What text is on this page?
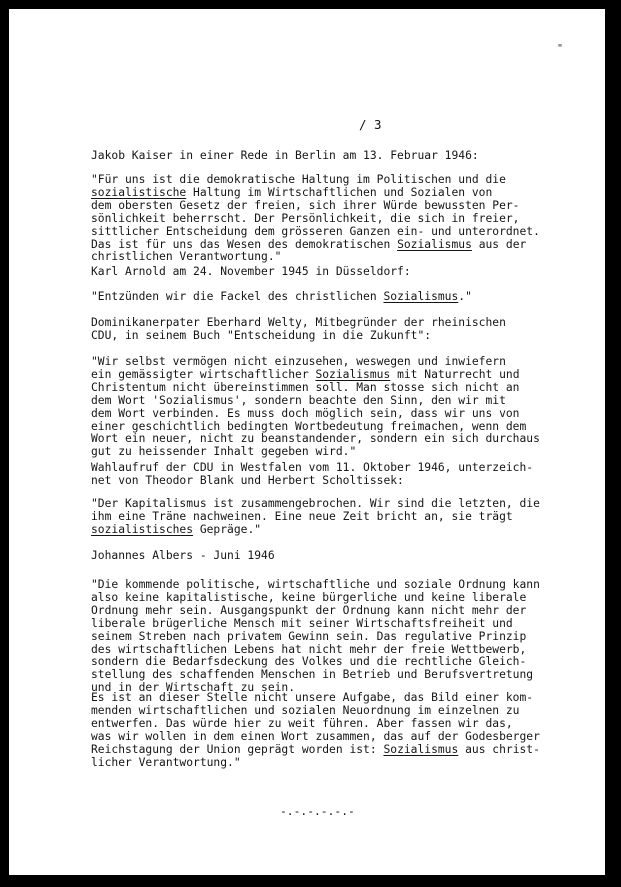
"
/ 3
Jakob Kaiser in einer Rede in Berlin am 13. Februar 1946:
"Für uns ist die demokratische Haltung im Politischen und die
sozialistische Haltung im Wirtschaftlichen und Sozialen von
dem obersten Gesetz der freien, sich ihrer Würde bewussten Per-
sönlichkeit beherrscht. Der Persönlichkeit, die sich in freier,
sittlicher Entscheidung dem grösseren Ganzen ein- und unterordnet.
Das ist für uns das Wesen des demokratischen Sozialismus aus der
christlichen Verantwortung."
Karl Arnold am 24. November 1945 in Düsseldorf:
"Entzünden wir die Fackel des christlichen Sozialismus."
Dominikanerpater Eberhard Welty, Mitbegründer der rheinischen
CDU, in seinem Buch "Entscheidung in die Zukunft":
"Wir selbst vermögen nicht einzusehen, weswegen und inwiefern
ein gemässigter wirtschaftlicher Sozialismus mit Naturrecht und
Christentum nicht übereinstimmen soll. Man stosse sich nicht an
dem Wort 'Sozialismus', sondern beachte den Sinn, den wir mit
dem Wort verbinden. Es muss doch möglich sein, dass wir uns von
einer geschichtlich bedingten Wortbedeutung freimachen, wenn dem
Wort ein neuer, nicht zu beanstandender, sondern ein sich durchaus
gut zu heissender Inhalt gegeben wird."
Wahlaufruf der CDU in Westfalen vom 11. Oktober 1946, unterzeich-
net von Theodor Blank und Herbert Scholtissek:
"Der Kapitalismus ist zusammengebrochen. Wir sind die letzten, die
ihm eine Träne nachweinen. Eine neue Zeit bricht an, sie trägt
sozialistisches Gepräge."
Johannes Albers - Juni 1946
"Die kommende politische, wirtschaftliche und soziale Ordnung kann
also keine kapitalistische, keine bürgerliche und keine liberale
Ordnung mehr sein. Ausgangspunkt der Ordnung kann nicht mehr der
liberale brügerliche Mensch mit seiner Wirtschaftsfreiheit und
seinem Streben nach privatem Gewinn sein. Das regulative Prinzip
des wirtschaftlichen Lebens hat nicht mehr der freie Wettbewerb,
sondern die Bedarfsdeckung des Volkes und die rechtliche Gleich-
stellung des schaffenden Menschen in Betrieb und Berufsvertretung
und in der Wirtschaft zu sein.
Es ist an dieser Stelle nicht unsere Aufgabe, das Bild einer kom-
menden wirtschaftlichen und sozialen Neuordnung im einzelnen zu
entwerfen. Das würde hier zu weit führen. Aber fassen wir das,
was wir wollen in dem einen Wort zusammen, das auf der Godesberger
Reichstagung der Union geprägt worden ist: Sozialismus aus christ-
licher Verantwortung."
-.-.-.-.-.-
